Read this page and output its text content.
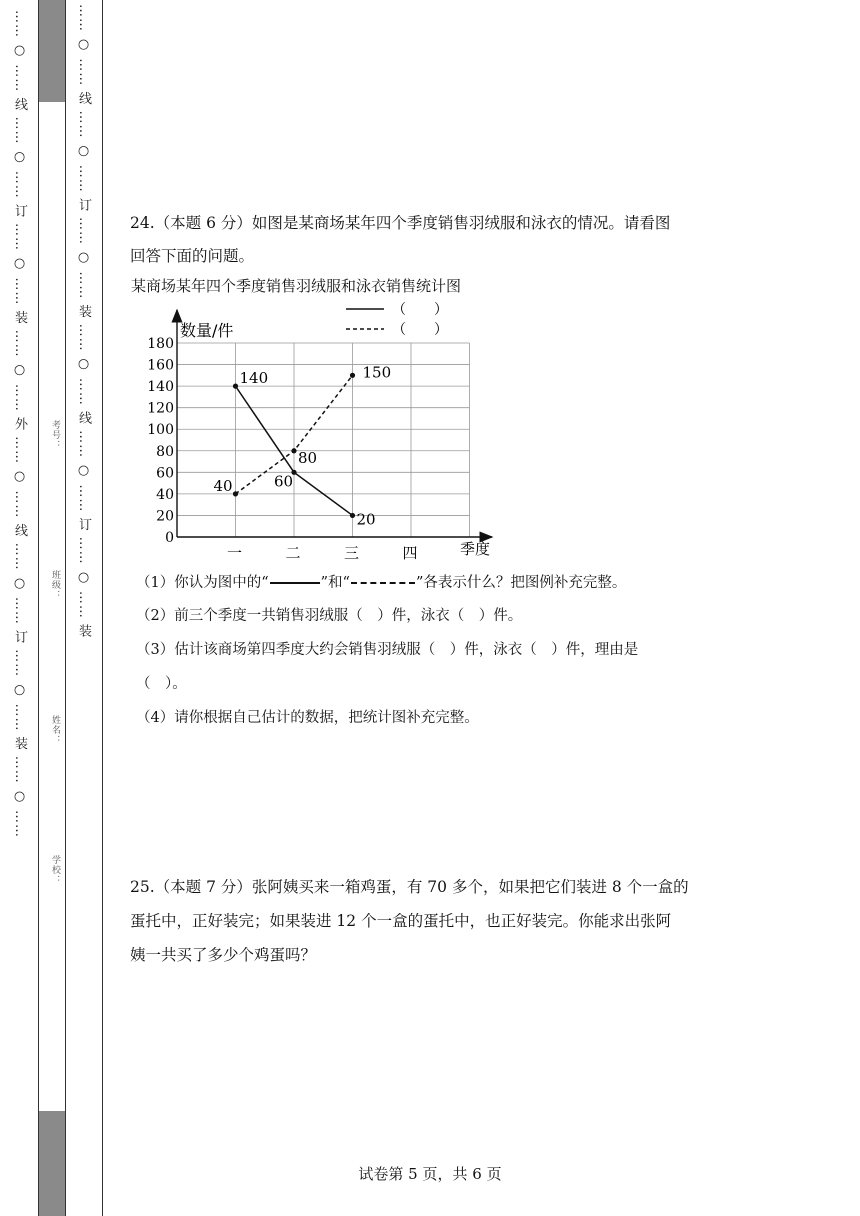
…… ○ …… 线 …… ○ …… 订 …… ○ …… 装 …… ○ …… 外 …… ○ …… 线 …… ○ …… 订 …… ○ …… 装 …… ○ ……	考号：
班级：
姓名：
学校：
…… ○ …… 线 …… ○ …… 订 …… ○ …… 装 …… ○ …… 线 …… ○ …… 订 …… ○ …… 装	24.（本题 6 分）如图是某商场某年四个季度销售羽绒服和泳衣的情况。请看图
回答下面的问题。
某商场某年四个季度销售羽绒服和泳衣销售统计图
数量/件
季度
（　　）
（　　）
0
20
40
60
80
100
120
140
160
180
一	二	三	四
140
60
20
40
80
150
（1）你认为图中的“	”和“	”各表示什么？把图例补充完整。
（2）前三个季度一共销售羽绒服（　）件，泳衣（　）件。
（3）估计该商场第四季度大约会销售羽绒服（　）件，泳衣（　）件，理由是
（　）。
（4）请你根据自己估计的数据，把统计图补充完整。
25.（本题 7 分）张阿姨买来一箱鸡蛋，有 70 多个，如果把它们装进 8 个一盒的
蛋托中，正好装完；如果装进 12 个一盒的蛋托中，也正好装完。你能求出张阿
姨一共买了多少个鸡蛋吗？
试卷第 5 页，共 6 页
